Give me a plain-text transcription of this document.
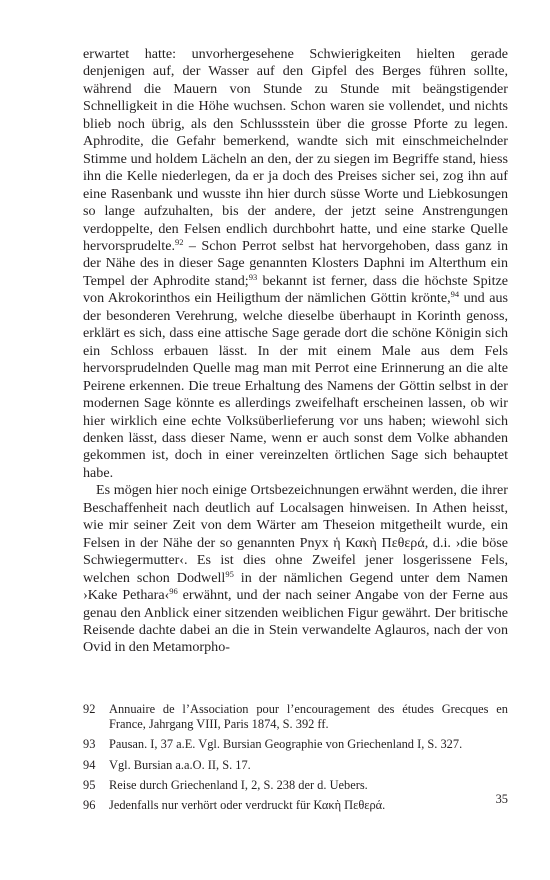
erwartet hatte: unvorhergesehene Schwierigkeiten hielten gerade denjenigen auf, der Wasser auf den Gipfel des Berges führen sollte, während die Mauern von Stunde zu Stunde mit beängstigender Schnelligkeit in die Höhe wuchsen. Schon waren sie vollendet, und nichts blieb noch übrig, als den Schlussstein über die grosse Pforte zu legen. Aphrodite, die Gefahr bemerkend, wandte sich mit einschmeichelnder Stimme und holdem Lächeln an den, der zu siegen im Begriffe stand, hiess ihn die Kelle niederlegen, da er ja doch des Preises sicher sei, zog ihn auf eine Rasenbank und wusste ihn hier durch süsse Worte und Liebkosungen so lange aufzuhalten, bis der andere, der jetzt seine Anstrengungen verdoppelte, den Felsen endlich durchbohrt hatte, und eine starke Quelle hervorsprudelte.$^{92}$ – Schon Perrot selbst hat hervorgehoben, dass ganz in der Nähe des in dieser Sage genannten Klosters Daphni im Alterthum ein Tempel der Aphrodite stand;$^{93}$ bekannt ist ferner, dass die höchste Spitze von Akrokorinthos ein Heiligthum der nämlichen Göttin krönte,$^{94}$ und aus der besonderen Verehrung, welche dieselbe überhaupt in Korinth genoss, erklärt es sich, dass eine attische Sage gerade dort die schöne Königin sich ein Schloss erbauen lässt. In der mit einem Male aus dem Fels hervorsprudelnden Quelle mag man mit Perrot eine Erinnerung an die alte Peirene erkennen. Die treue Erhaltung des Namens der Göttin selbst in der modernen Sage könnte es allerdings zweifelhaft erscheinen lassen, ob wir hier wirklich eine echte Volksüberlieferung vor uns haben; wiewohl sich denken lässt, dass dieser Name, wenn er auch sonst dem Volke abhanden gekommen ist, doch in einer vereinzelten örtlichen Sage sich behauptet habe.

Es mögen hier noch einige Ortsbezeichnungen erwähnt werden, die ihrer Beschaffenheit nach deutlich auf Localsagen hinweisen. In Athen heisst, wie mir seiner Zeit von dem Wärter am Theseion mitgetheilt wurde, ein Felsen in der Nähe der so genannten Pnyx ἡ Κακὴ Πεθερά, d.i. ›die böse Schwiegermutter‹. Es ist dies ohne Zweifel jener losgerissene Fels, welchen schon Dodwell$^{95}$ in der nämlichen Gegend unter dem Namen ›Kake Pethara‹$^{96}$ erwähnt, und der nach seiner Angabe von der Ferne aus genau den Anblick einer sitzenden weiblichen Figur gewährt. Der britische Reisende dachte dabei an die in Stein verwandelte Aglauros, nach der von Ovid in den Metamorpho-

92	Annuaire de l’Association pour l’encouragement des études Grecques en France, Jahrgang VIII, Paris 1874, S. 392 ff.
93	Pausan. I, 37 a.E. Vgl. Bursian Geographie von Griechenland I, S. 327.
94	Vgl. Bursian a.a.O. II, S. 17.
95	Reise durch Griechenland I, 2, S. 238 der d. Uebers.
96	Jedenfalls nur verhört oder verdruckt für Κακὴ Πεθερά.	35
